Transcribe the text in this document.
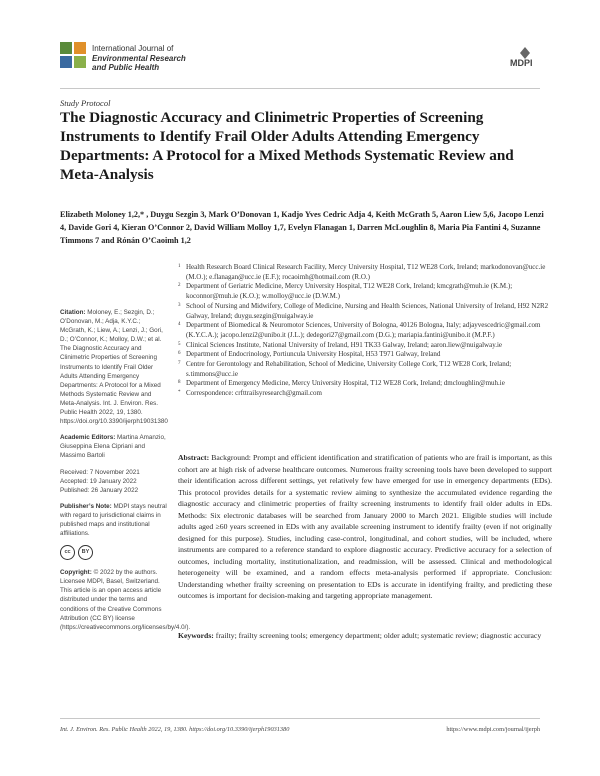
International Journal of
Environmental Research
and Public Health	MDPI
Study Protocol
The Diagnostic Accuracy and Clinimetric Properties of Screening Instruments to Identify Frail Older Adults Attending Emergency Departments: A Protocol for a Mixed Methods Systematic Review and Meta-Analysis
Elizabeth Moloney 1,2,* , Duygu Sezgin 3, Mark O’Donovan 1, Kadjo Yves Cedric Adja 4, Keith McGrath 5, Aaron Liew 5,6, Jacopo Lenzi 4, Davide Gori 4, Kieran O’Connor 2, David William Molloy 1,7, Evelyn Flanagan 1, Darren McLoughlin 8, Maria Pia Fantini 4, Suzanne Timmons 7 and Rónán O’Caoimh 1,2
1 Health Research Board Clinical Research Facility, Mercy University Hospital, T12 WE28 Cork, Ireland; markodonovan@ucc.ie (M.O.); e.flanagan@ucc.ie (E.F.); rocaoimh@hotmail.com (R.O.)
2 Department of Geriatric Medicine, Mercy University Hospital, T12 WE28 Cork, Ireland; kmcgrath@muh.ie (K.M.); koconnor@muh.ie (K.O.); w.molloy@ucc.ie (D.W.M.)
3 School of Nursing and Midwifery, College of Medicine, Nursing and Health Sciences, National University of Ireland, H92 N2R2 Galway, Ireland; duygu.sezgin@nuigalway.ie
4 Department of Biomedical & Neuromotor Sciences, University of Bologna, 40126 Bologna, Italy; adjayvescedric@gmail.com (K.Y.C.A.); jacopo.lenzi2@unibo.it (J.L.); dedegori27@gmail.com (D.G.); mariapia.fantini@unibo.it (M.P.F.)
5 Clinical Sciences Institute, National University of Ireland, H91 TK33 Galway, Ireland; aaron.liew@nuigalway.ie
6 Department of Endocrinology, Portiuncula University Hospital, H53 T971 Galway, Ireland
7 Centre for Gerontology and Rehabilitation, School of Medicine, University College Cork, T12 WE28 Cork, Ireland; s.timmons@ucc.ie
8 Department of Emergency Medicine, Mercy University Hospital, T12 WE28 Cork, Ireland; dmcloughlin@muh.ie
* Correspondence: crfttrailsyresearch@gmail.com

Citation: Moloney, E.; Sezgin, D.; O’Donovan, M.; Adja, K.Y.C.; McGrath, K.; Liew, A.; Lenzi, J.; Gori, D.; O’Connor, K.; Molloy, D.W.; et al. The Diagnostic Accuracy and Clinimetric Properties of Screening Instruments to Identify Frail Older Adults Attending Emergency Departments: A Protocol for a Mixed Methods Systematic Review and Meta-Analysis. Int. J. Environ. Res. Public Health 2022, 19, 1380. https://doi.org/10.3390/ijerph19031380

Academic Editors: Martina Amanzio, Giuseppina Elena Cipriani and Massimo Bartoli

Received: 7 November 2021
Accepted: 19 January 2022
Published: 26 January 2022

Publisher’s Note: MDPI stays neutral with regard to jurisdictional claims in published maps and institutional affiliations.

cc	BY

Copyright: © 2022 by the authors. Licensee MDPI, Basel, Switzerland. This article is an open access article distributed under the terms and conditions of the Creative Commons Attribution (CC BY) license (https://creativecommons.org/licenses/by/4.0/).

Abstract: Background: Prompt and efficient identification and stratification of patients who are frail is important, as this cohort are at high risk of adverse healthcare outcomes. Numerous frailty screening tools have been developed to support their identification across different settings, yet relatively few have emerged for use in emergency departments (EDs). This protocol provides details for a systematic review aiming to synthesize the accumulated evidence regarding the diagnostic accuracy and clinimetric properties of frailty screening instruments to identify frail older adults in EDs. Methods: Six electronic databases will be searched from January 2000 to March 2021. Eligible studies will include adults aged ≥60 years screened in EDs with any available screening instrument to identify frailty (even if not originally designed for this purpose). Studies, including case-control, longitudinal, and cohort studies, will be included, where instruments are compared to a reference standard to explore diagnostic accuracy. Predictive accuracy for a selection of outcomes, including mortality, institutionalization, and readmission, will be assessed. Clinical and methodological heterogeneity will be examined, and a random effects meta-analysis performed if appropriate. Conclusion: Understanding whether frailty screening on presentation to EDs is accurate in identifying frailty, and predicting these outcomes is important for decision-making and targeting appropriate management.
Keywords: frailty; frailty screening tools; emergency department; older adult; systematic review; diagnostic accuracy
Int. J. Environ. Res. Public Health 2022, 19, 1380. https://doi.org/10.3390/ijerph19031380	https://www.mdpi.com/journal/ijerph
